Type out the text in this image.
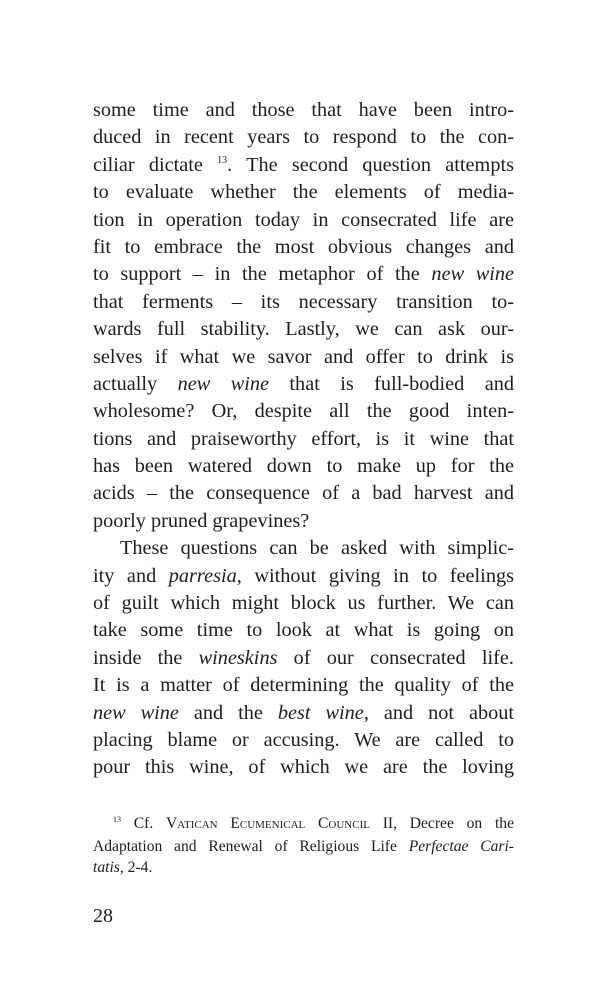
some time and those that have been intro-
duced in recent years to respond to the con-
ciliar dictate $^{13}$. The second question attempts
to evaluate whether the elements of media-
tion in operation today in consecrated life are
fit to embrace the most obvious changes and
to support – in the metaphor of the new wine
that ferments – its necessary transition to-
wards full stability. Lastly, we can ask our-
selves if what we savor and offer to drink is
actually new wine that is full-bodied and
wholesome? Or, despite all the good inten-
tions and praiseworthy effort, is it wine that
has been watered down to make up for the
acids – the consequence of a bad harvest and
poorly pruned grapevines?
These questions can be asked with simplic-
ity and parresia, without giving in to feelings
of guilt which might block us further. We can
take some time to look at what is going on
inside the wineskins of our consecrated life.
It is a matter of determining the quality of the
new wine and the best wine, and not about
placing blame or accusing. We are called to
pour this wine, of which we are the loving
$^{13}$ Cf. Vatican Ecumenical Council II, Decree on the
Adaptation and Renewal of Religious Life Perfectae Cari-
tatis, 2-4.
28
